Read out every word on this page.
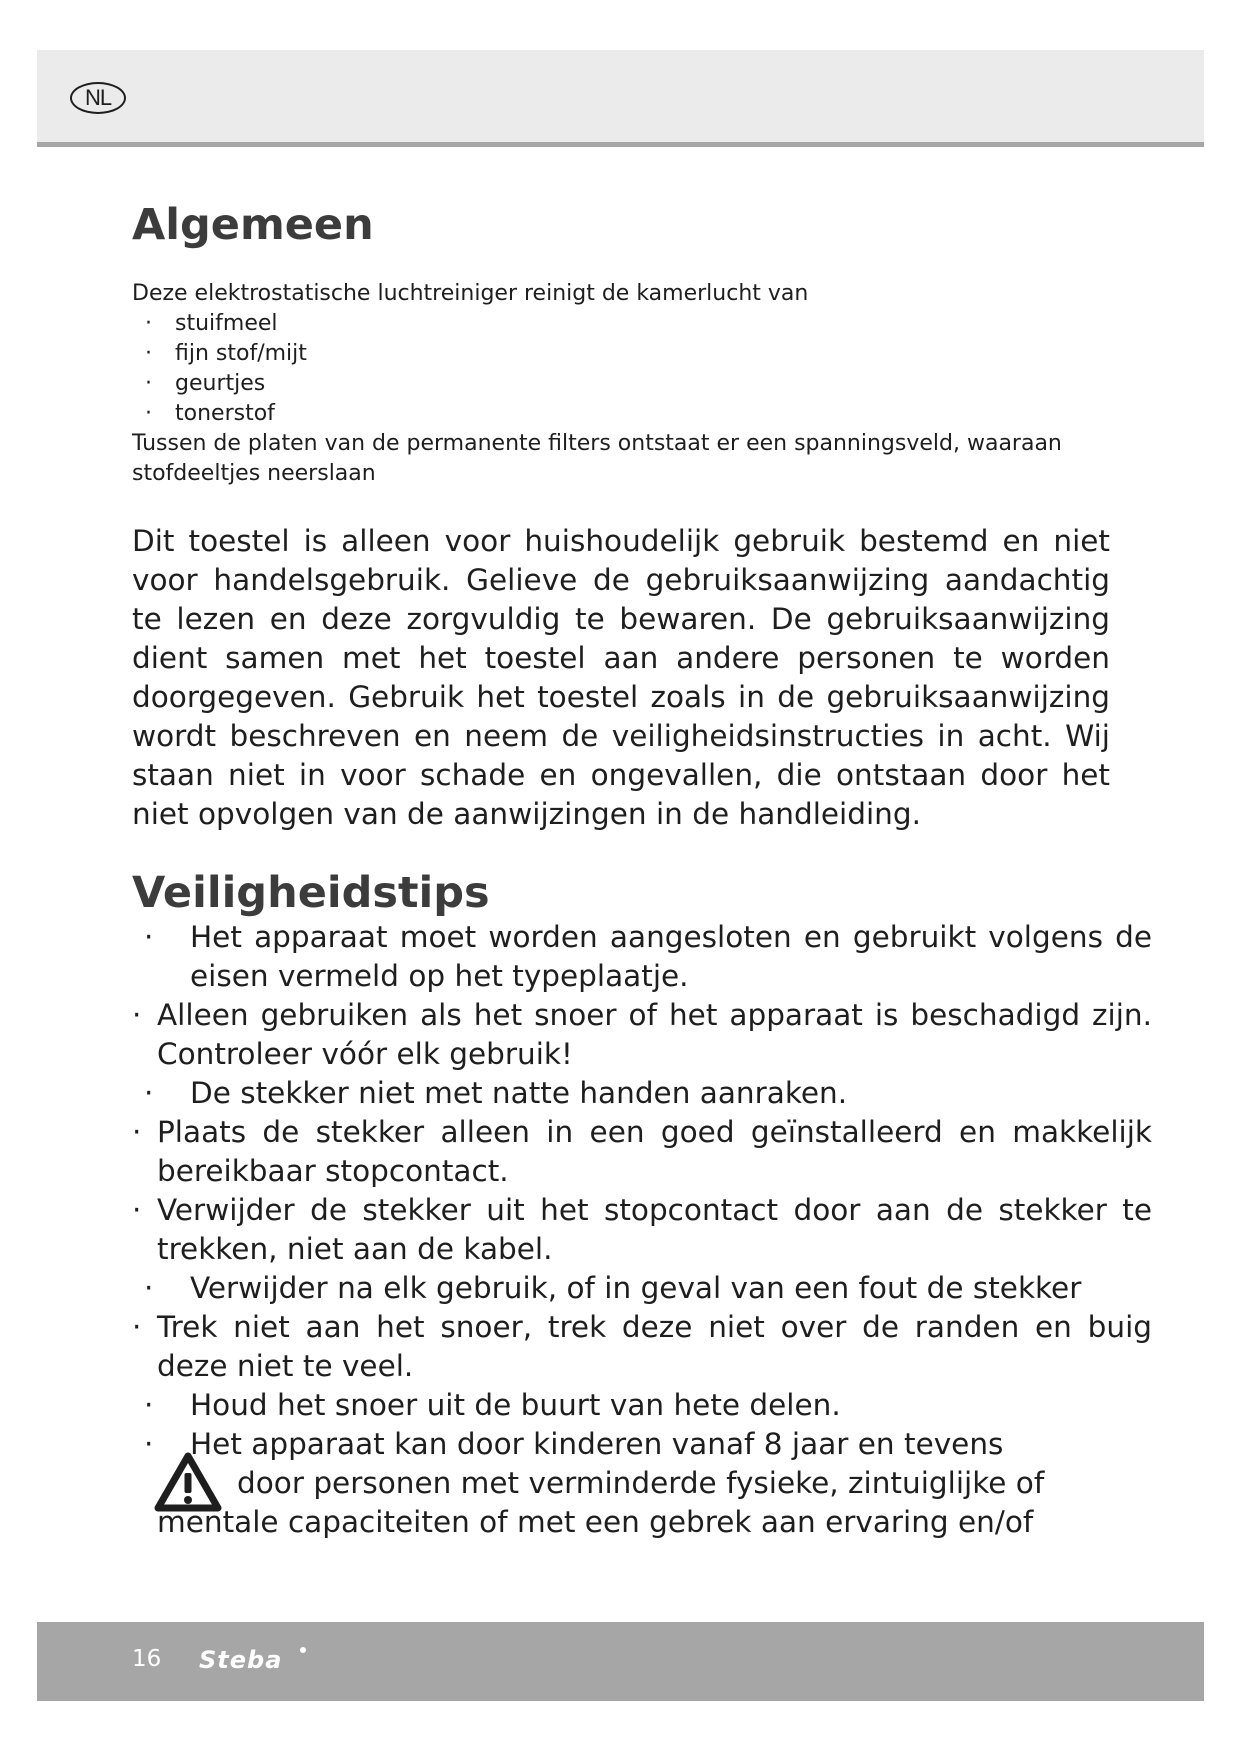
NL
Algemeen
Deze elektrostatische luchtreiniger reinigt de kamerlucht van
· stuifmeel
· fijn stof/mijt
· geurtjes
· tonerstof
Tussen de platen van de permanente filters ontstaat er een spanningsveld, waaraan
stofdeeltjes neerslaan
Dit toestel is alleen voor huishoudelijk gebruik bestemd en niet voor handelsgebruik. Gelieve de gebruiksaanwijzing aandachtig te lezen en deze zorgvuldig te bewaren. De gebruiksaanwijzing dient samen met het toestel aan andere personen te worden doorgegeven. Gebruik het toestel zoals in de gebruiksaanwijzing wordt beschreven en neem de veiligheidsinstructies in acht. Wij staan niet in voor schade en ongevallen, die ontstaan door het niet opvolgen van de aanwijzingen in de handleiding.
Veiligheidstips
· Het apparaat moet worden aangesloten en gebruikt volgens de eisen vermeld op het typeplaatje.
· Alleen gebruiken als het snoer of het apparaat is beschadigd zijn. Controleer vóór elk gebruik!
· De stekker niet met natte handen aanraken.
· Plaats de stekker alleen in een goed geïnstalleerd en makkelijk bereikbaar stopcontact.
· Verwijder de stekker uit het stopcontact door aan de stekker te trekken, niet aan de kabel.
· Verwijder na elk gebruik, of in geval van een fout de stekker
· Trek niet aan het snoer, trek deze niet over de randen en buig deze niet te veel.
· Houd het snoer uit de buurt van hete delen.
· Het apparaat kan door kinderen vanaf 8 jaar en tevens
door personen met verminderde fysieke, zintuiglijke of
mentale capaciteiten of met een gebrek aan ervaring en/of
16 Steba
